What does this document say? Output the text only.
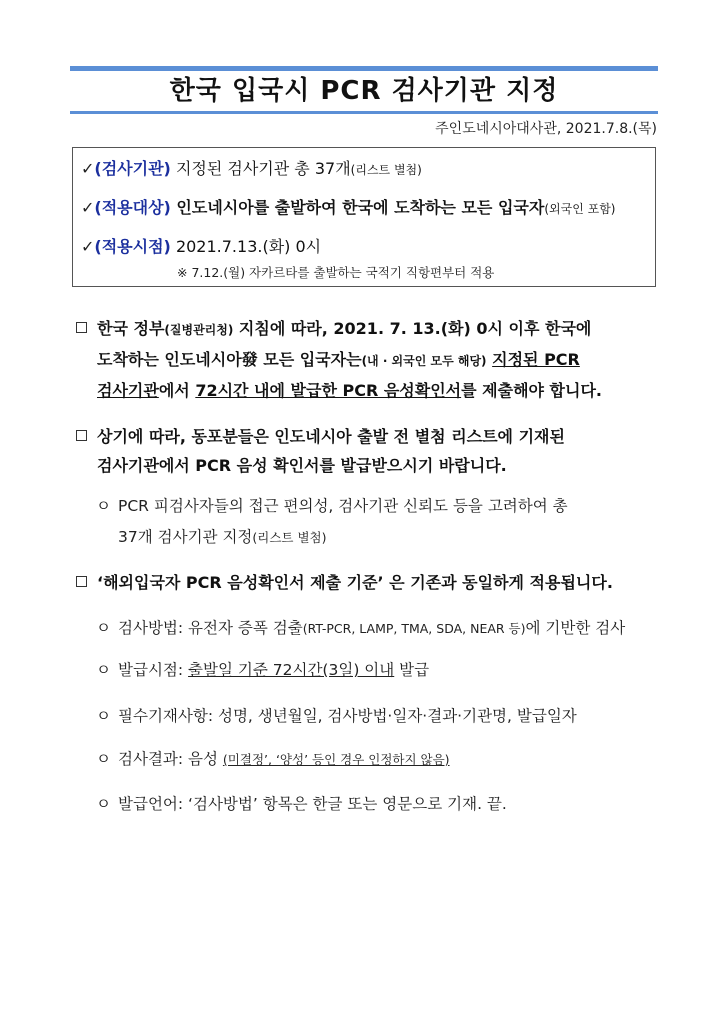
한국 입국시 PCR 검사기관 지정
주인도네시아대사관, 2021.7.8.(목)
✓(검사기관) 지정된 검사기관 총 37개(리스트 별첨)
✓(적용대상) 인도네시아를 출발하여 한국에 도착하는 모든 입국자(외국인 포함)
✓(적용시점) 2021.7.13.(화) 0시
※ 7.12.(월) 자카르타를 출발하는 국적기 직항편부터 적용
한국 정부(질병관리청) 지침에 따라, 2021. 7. 13.(화) 0시 이후 한국에
도착하는 인도네시아發 모든 입국자는(내 · 외국인 모두 해당) 지정된 PCR
검사기관에서 72시간 내에 발급한 PCR 음성확인서를 제출해야 합니다.
상기에 따라, 동포분들은 인도네시아 출발 전 별첨 리스트에 기재된
검사기관에서 PCR 음성 확인서를 발급받으시기 바랍니다.
ㅇ PCR 피검사자들의 접근 편의성, 검사기관 신뢰도 등을 고려하여 총
37개 검사기관 지정(리스트 별첨)
‘해외입국자 PCR 음성확인서 제출 기준’ 은 기존과 동일하게 적용됩니다.
ㅇ 검사방법: 유전자 증폭 검출(RT-PCR, LAMP, TMA, SDA, NEAR 등)에 기반한 검사
ㅇ 발급시점: 출발일 기준 72시간(3일) 이내 발급
ㅇ 필수기재사항: 성명, 생년월일, 검사방법·일자·결과·기관명, 발급일자
ㅇ 검사결과: 음성 (미결정’, ‘양성’ 등인 경우 인정하지 않음)
ㅇ 발급언어: ‘검사방법’ 항목은 한글 또는 영문으로 기재. 끝.
